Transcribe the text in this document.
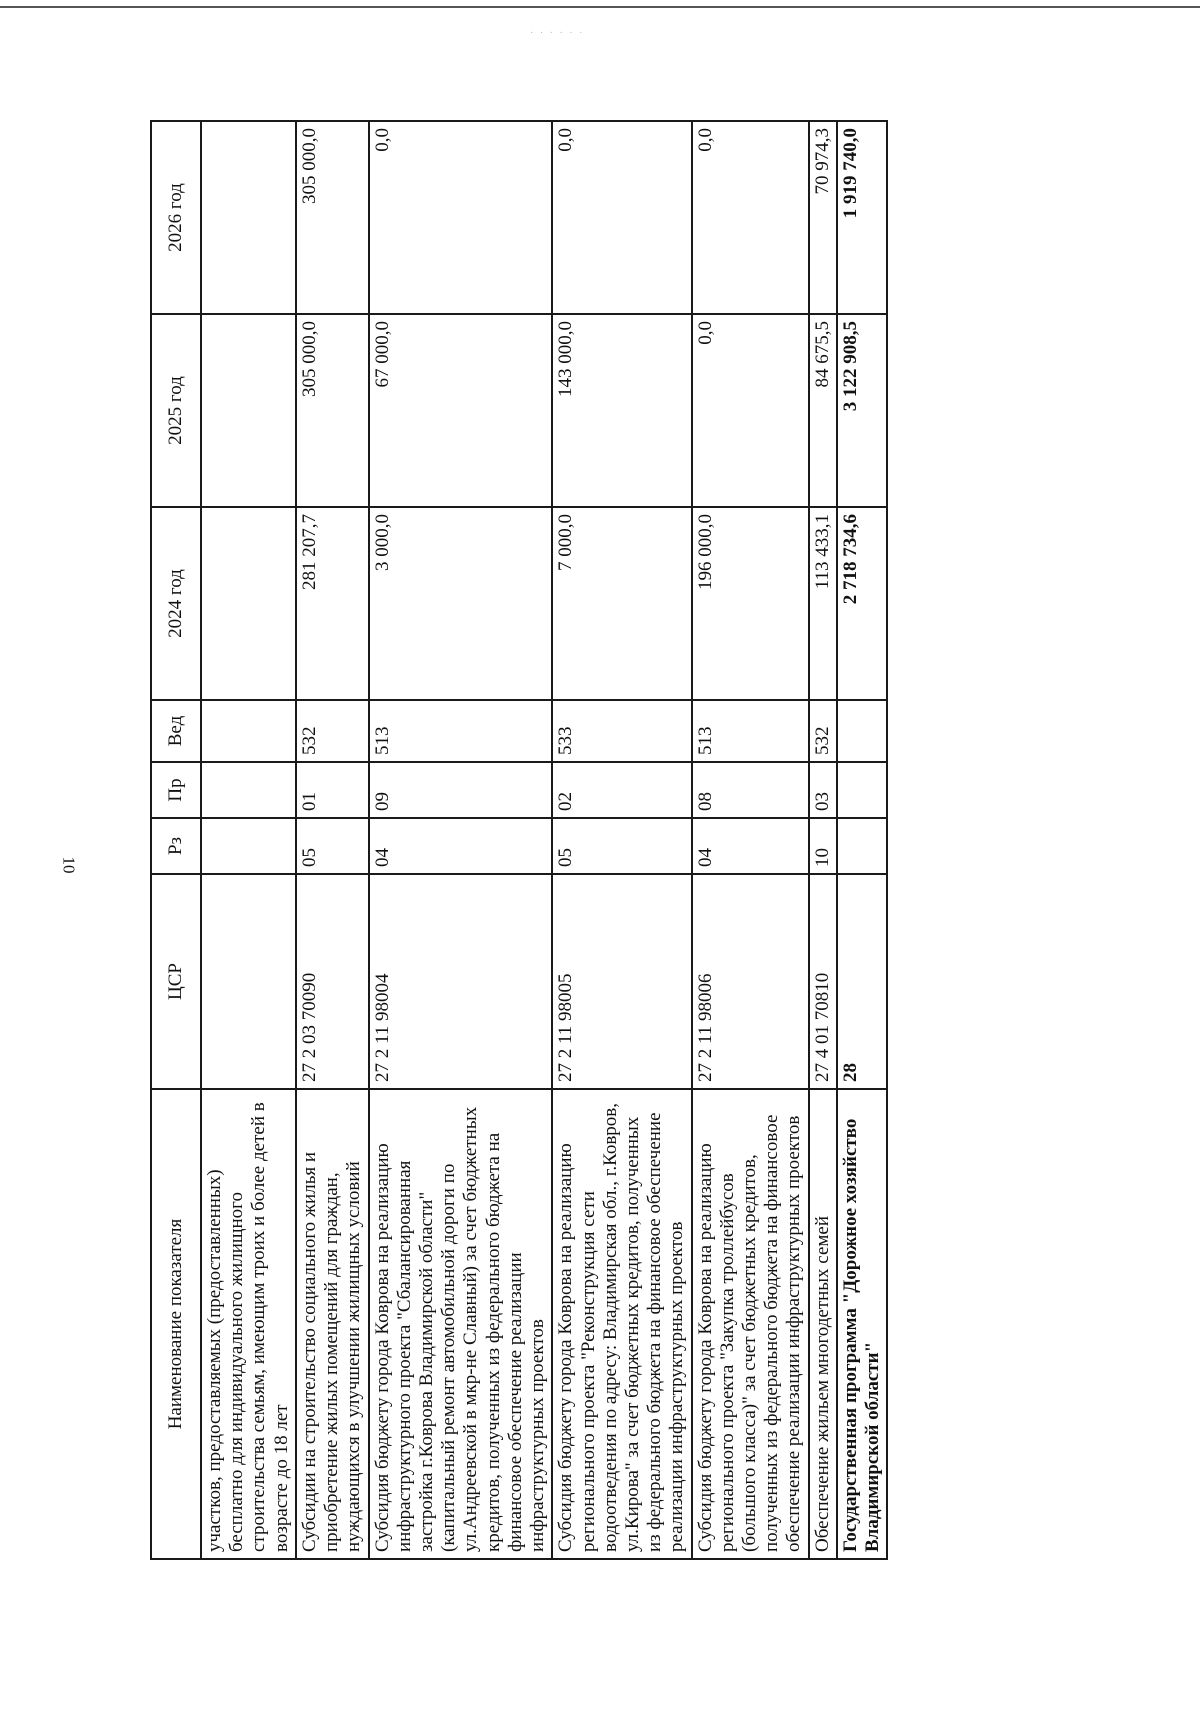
· · · · · ·
10
Наименование показателя	ЦСР	Рз	Пр	Вед	2024 год	2025 год	2026 год
участков, предоставляемых (предоставленных) бесплатно для индивидуального жилищного строительства семьям, имеющим троих и более детей в возрасте до 18 лет							
Субсидии на строительство социального жилья и приобретение жилых помещений для граждан, нуждающихся в улучшении жилищных условий	27 2 03 70090	05	01	532	281 207,7	305 000,0	305 000,0
Субсидия бюджету города Коврова на реализацию инфраструктурного проекта "Сбалансированная застройка г.Коврова Владимирской области" (капитальный ремонт автомобильной дороги по ул.Андреевской в мкр-не Славный) за счет бюджетных кредитов, полученных из федерального бюджета на финансовое обеспечение реализации инфраструктурных проектов	27 2 11 98004	04	09	513	3 000,0	67 000,0	0,0
Субсидия бюджету города Коврова на реализацию регионального проекта "Реконструкция сети водоотведения по адресу: Владимирская обл., г.Ковров, ул.Кирова" за счет бюджетных кредитов, полученных из федерального бюджета на финансовое обеспечение реализации инфраструктурных проектов	27 2 11 98005	05	02	533	7 000,0	143 000,0	0,0
Субсидия бюджету города Коврова на реализацию регионального проекта "Закупка троллейбусов (большого класса)" за счет бюджетных кредитов, полученных из федерального бюджета на финансовое обеспечение реализации инфраструктурных проектов	27 2 11 98006	04	08	513	196 000,0	0,0	0,0
Обеспечение жильем многодетных семей	27 4 01 70810	10	03	532	113 433,1	84 675,5	70 974,3
Государственная программа "Дорожное хозяйство Владимирской области"	28				2 718 734,6	3 122 908,5	1 919 740,0
